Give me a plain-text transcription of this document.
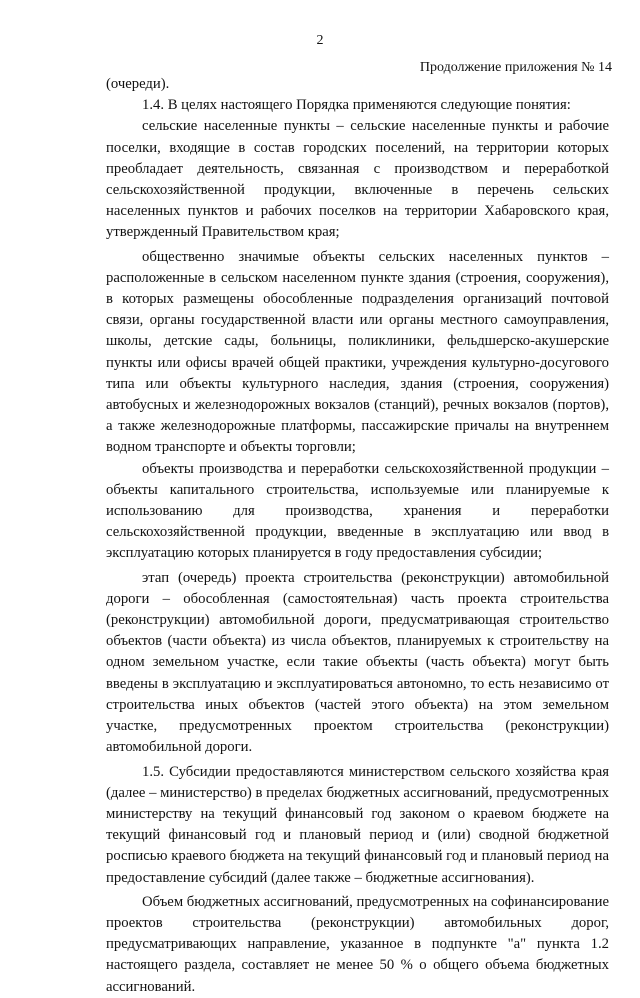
2
Продолжение приложения № 14

(очереди).

1.4. В целях настоящего Порядка применяются следующие понятия:

сельские населенные пункты – сельские населенные пункты и рабочие поселки, входящие в состав городских поселений, на территории которых преобладает деятельность, связанная с производством и переработкой сельскохозяйственной продукции, включенные в перечень сельских населенных пунктов и рабочих поселков на территории Хабаровского края, утвержденный Правительством края;

общественно значимые объекты сельских населенных пунктов – расположенные в сельском населенном пункте здания (строения, сооружения), в которых размещены обособленные подразделения организаций почтовой связи, органы государственной власти или органы местного самоуправления, школы, детские сады, больницы, поликлиники, фельдшерско-акушерские пункты или офисы врачей общей практики, учреждения культурно-досугового типа или объекты культурного наследия, здания (строения, сооружения) автобусных и железнодорожных вокзалов (станций), речных вокзалов (портов), а также железнодорожные платформы, пассажирские причалы на внутреннем водном транспорте и объекты торговли;

объекты производства и переработки сельскохозяйственной продукции – объекты капитального строительства, используемые или планируемые к использованию для производства, хранения и переработки сельскохозяйственной продукции, введенные в эксплуатацию или ввод в эксплуатацию которых планируется в году предоставления субсидии;

этап (очередь) проекта строительства (реконструкции) автомобильной дороги – обособленная (самостоятельная) часть проекта строительства (реконструкции) автомобильной дороги, предусматривающая строительство объектов (части объекта) из числа объектов, планируемых к строительству на одном земельном участке, если такие объекты (часть объекта) могут быть введены в эксплуатацию и эксплуатироваться автономно, то есть независимо от строительства иных объектов (частей этого объекта) на этом земельном участке, предусмотренных проектом строительства (реконструкции) автомобильной дороги.

1.5. Субсидии предоставляются министерством сельского хозяйства края (далее – министерство) в пределах бюджетных ассигнований, предусмотренных министерству на текущий финансовый год законом о краевом бюджете на текущий финансовый год и плановый период и (или) сводной бюджетной росписью краевого бюджета на текущий финансовый год и плановый период на предоставление субсидий (далее также – бюджетные ассигнования).

Объем бюджетных ассигнований, предусмотренных на софинансирование проектов строительства (реконструкции) автомобильных дорог, предусматривающих направление, указанное в подпункте "а" пункта 1.2 настоящего раздела, составляет не менее 50 % о общего объема бюджетных ассигнований.
